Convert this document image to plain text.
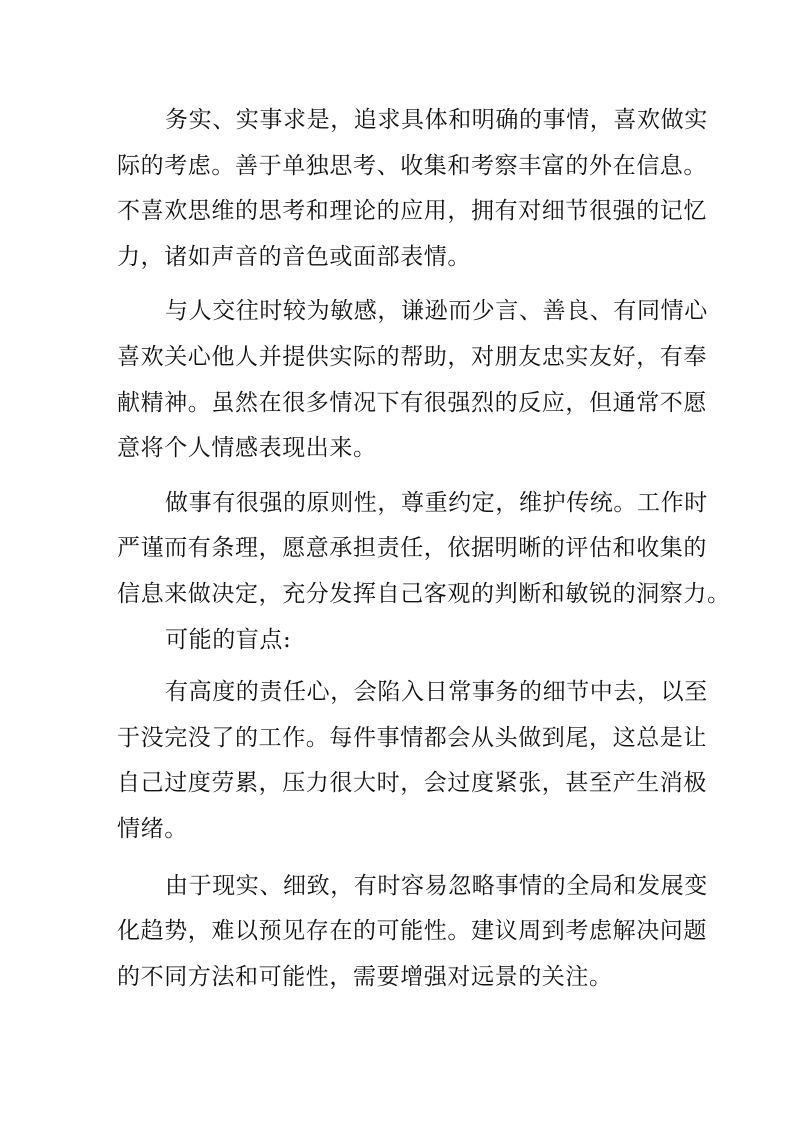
务实、实事求是，追求具体和明确的事情，喜欢做实
际的考虑。善于单独思考、收集和考察丰富的外在信息。
不喜欢思维的思考和理论的应用，拥有对细节很强的记忆
力，诸如声音的音色或面部表情。

与人交往时较为敏感，谦逊而少言、善良、有同情心
喜欢关心他人并提供实际的帮助，对朋友忠实友好，有奉
献精神。虽然在很多情况下有很强烈的反应，但通常不愿
意将个人情感表现出来。

做事有很强的原则性，尊重约定，维护传统。工作时
严谨而有条理，愿意承担责任，依据明晰的评估和收集的
信息来做决定，充分发挥自己客观的判断和敏锐的洞察力。

可能的盲点:

有高度的责任心，会陷入日常事务的细节中去，以至
于没完没了的工作。每件事情都会从头做到尾，这总是让
自己过度劳累，压力很大时，会过度紧张，甚至产生消极
情绪。

由于现实、细致，有时容易忽略事情的全局和发展变
化趋势，难以预见存在的可能性。建议周到考虑解决问题
的不同方法和可能性，需要增强对远景的关注。
